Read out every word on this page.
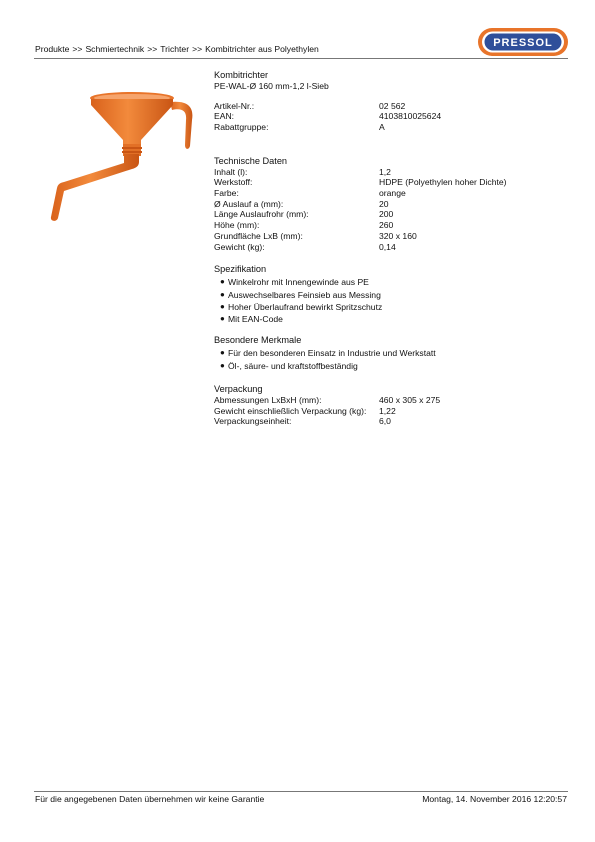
Produkte >> Schmiertechnik >> Trichter >> Kombitrichter aus Polyethylen	PRESSOL
Kombitrichter
PE-WAL-Ø 160 mm-1,2 l-Sieb
Artikel-Nr.:	02 562
EAN:	4103810025624
Rabattgruppe:	A
Technische Daten
Inhalt (l):	1,2
Werkstoff:	HDPE (Polyethylen hoher Dichte)
Farbe:	orange
Ø Auslauf a (mm):	20
Länge Auslaufrohr (mm):	200
Höhe (mm):	260
Grundfläche LxB (mm):	320 x 160
Gewicht (kg):	0,14
Spezifikation
● Winkelrohr mit Innengewinde aus PE
● Auswechselbares Feinsieb aus Messing
● Hoher Überlaufrand bewirkt Spritzschutz
● Mit EAN-Code
Besondere Merkmale
● Für den besonderen Einsatz in Industrie und Werkstatt
● Öl-, säure- und kraftstoffbeständig
Verpackung
Abmessungen LxBxH (mm):	460 x 305 x 275
Gewicht einschließlich Verpackung (kg):	1,22
Verpackungseinheit:	6,0
Für die angegebenen Daten übernehmen wir keine Garantie	Montag, 14. November 2016 12:20:57
